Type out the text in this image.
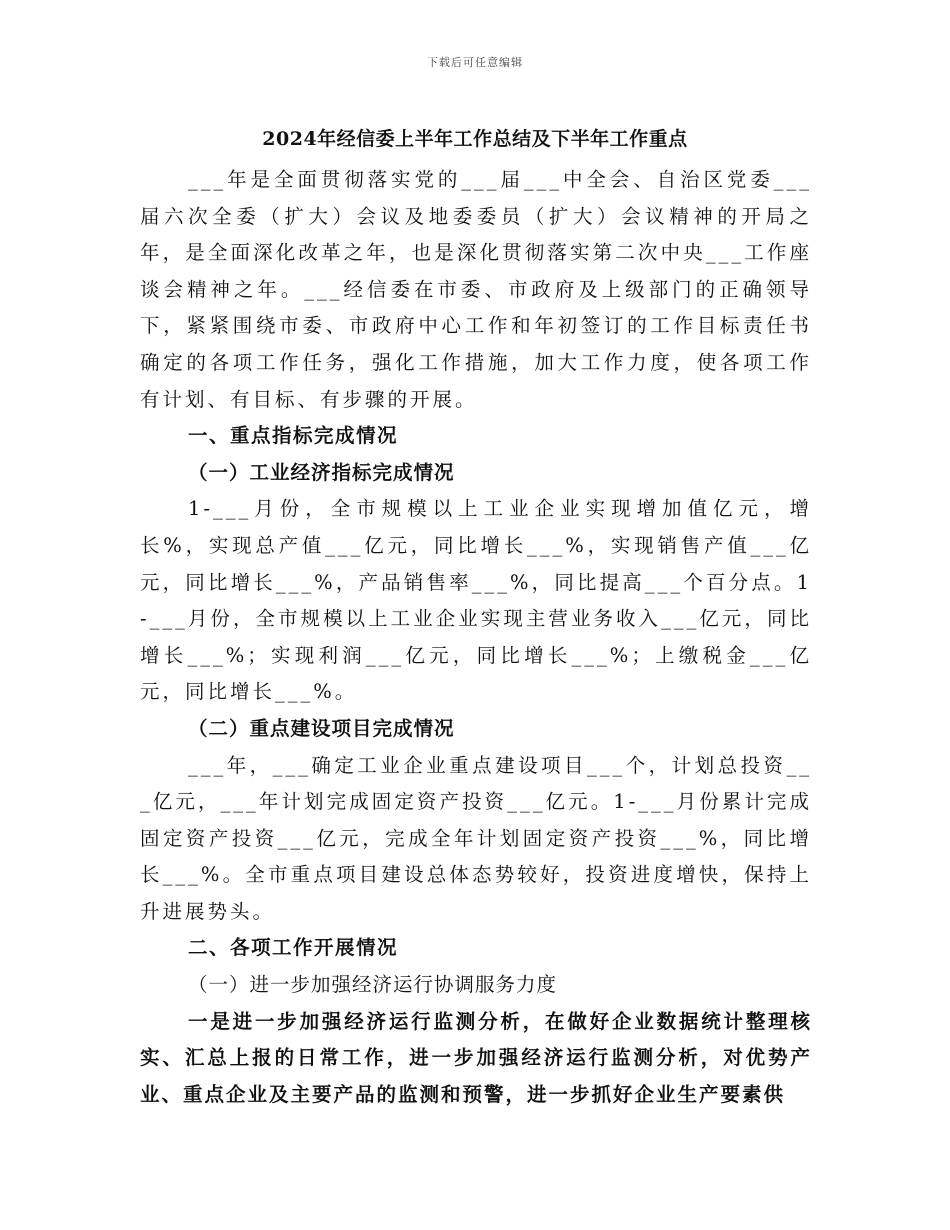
下载后可任意编辑
2024年经信委上半年工作总结及下半年工作重点

___年是全面贯彻落实党的___届___中全会、自治区党委___届六次全委（扩大）会议及地委委员（扩大）会议精神的开局之年，是全面深化改革之年，也是深化贯彻落实第二次中央___工作座谈会精神之年。___经信委在市委、市政府及上级部门的正确领导下，紧紧围绕市委、市政府中心工作和年初签订的工作目标责任书确定的各项工作任务，强化工作措施，加大工作力度，使各项工作有计划、有目标、有步骤的开展。

一、重点指标完成情况

（一）工业经济指标完成情况

1-___月份，全市规模以上工业企业实现增加值亿元，增长%，实现总产值___亿元，同比增长___%，实现销售产值___亿元，同比增长___%，产品销售率___%，同比提高___个百分点。1-___月份，全市规模以上工业企业实现主营业务收入___亿元，同比增长___%；实现利润___亿元，同比增长___%；上缴税金___亿元，同比增长___%。

（二）重点建设项目完成情况

___年，___确定工业企业重点建设项目___个，计划总投资___亿元，___年计划完成固定资产投资___亿元。1-___月份累计完成固定资产投资___亿元，完成全年计划固定资产投资___%，同比增长___%。全市重点项目建设总体态势较好，投资进度增快，保持上升进展势头。

二、各项工作开展情况

（一）进一步加强经济运行协调服务力度

一是进一步加强经济运行监测分析，在做好企业数据统计整理核实、汇总上报的日常工作，进一步加强经济运行监测分析，对优势产业、重点企业及主要产品的监测和预警，进一步抓好企业生产要素供
